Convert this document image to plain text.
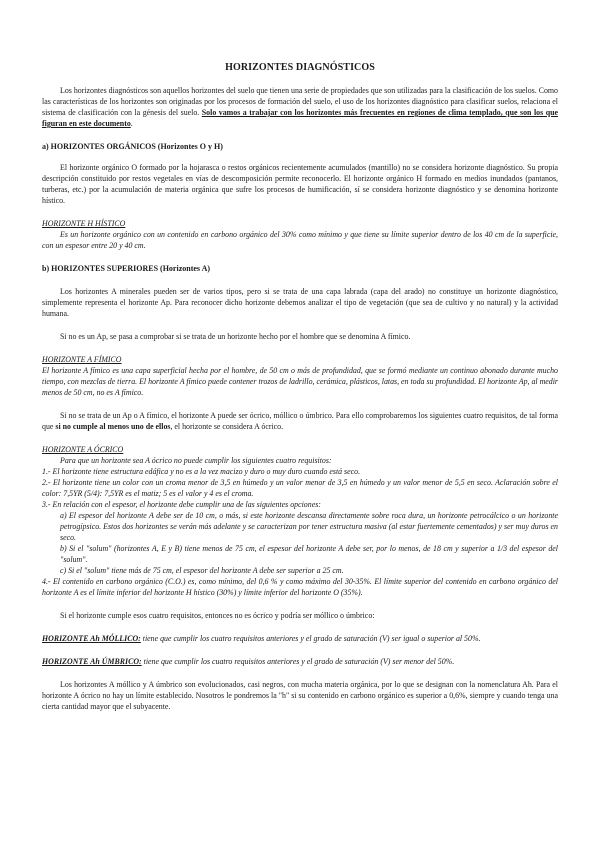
HORIZONTES DIAGNÓSTICOS

Los horizontes diagnósticos son aquellos horizontes del suelo que tienen una serie de propiedades que son utilizadas para la clasificación de los suelos. Como las características de los horizontes son originadas por los procesos de formación del suelo, el uso de los horizontes diagnóstico para clasificar suelos, relaciona el sistema de clasificación con la génesis del suelo. Solo vamos a trabajar con los horizontes más frecuentes en regiones de clima templado, que son los que figuran en este documento.

a) HORIZONTES ORGÁNICOS (Horizontes O y H)

El horizonte orgánico O formado por la hojarasca o restos orgánicos recientemente acumulados (mantillo) no se considera horizonte diagnóstico. Su propia descripción constituido por restos vegetales en vías de descomposición permite reconocerlo. El horizonte orgánico H formado en medios inundados (pantanos, turberas, etc.) por la acumulación de materia orgánica que sufre los procesos de humificación, sí se considera horizonte diagnóstico y se denomina horizonte hístico.

HORIZONTE H HÍSTICO

Es un horizonte orgánico con un contenido en carbono orgánico del 30% como mínimo y que tiene su límite superior dentro de los 40 cm de la superficie, con un espesor entre 20 y 40 cm.

b) HORIZONTES SUPERIORES (Horizontes A)

Los horizontes A minerales pueden ser de varios tipos, pero si se trata de una capa labrada (capa del arado) no constituye un horizonte diagnóstico, simplemente representa el horizonte Ap. Para reconocer dicho horizonte debemos analizar el tipo de vegetación (que sea de cultivo y no natural) y la actividad humana.

Si no es un Ap, se pasa a comprobar si se trata de un horizonte hecho por el hombre que se denomina A fímico.

HORIZONTE A FÍMICO

El horizonte A fímico es una capa superficial hecha por el hombre, de 50 cm o más de profundidad, que se formó mediante un continuo abonado durante mucho tiempo, con mezclas de tierra. El horizonte A fímico puede contener trozos de ladrillo, cerámica, plásticos, latas, en toda su profundidad. El horizonte Ap, al medir menos de 50 cm, no es A fímico.

Si no se trata de un Ap o A fímico, el horizonte A puede ser ócrico, móllico o úmbrico. Para ello comprobaremos los siguientes cuatro requisitos, de tal forma que si no cumple al menos uno de ellos, el horizonte se considera A ócrico.

HORIZONTE A ÓCRICO

Para que un horizonte sea A ócrico no puede cumplir los siguientes cuatro requisitos:

1.- El horizonte tiene estructura edáfica y no es a la vez macizo y duro o muy duro cuando está seco.

2.- El horizonte tiene un color con un croma menor de 3,5 en húmedo y un valor menor de 3,5 en húmedo y un valor menor de 5,5 en seco. Aclaración sobre el color: 7,5YR (5/4): 7,5YR es el matiz; 5 es el valor y 4 es el croma.

3.- En relación con el espesor, el horizonte debe cumplir una de las siguientes opciones:

a) El espesor del horizonte A debe ser de 10 cm, o más, si este horizonte descansa directamente sobre roca dura, un horizonte petrocálcico o un horizonte petrogípsico. Estos dos horizontes se verán más adelante y se caracterizan por tener estructura masiva (al estar fuertemente cementados) y ser muy duros en seco.

b) Si el "solum" (horizontes A, E y B) tiene menos de 75 cm, el espesor del horizonte A debe ser, por lo menos, de 18 cm y superior a 1/3 del espesor del "solum".

c) Si el "solum" tiene más de 75 cm, el espesor del horizonte A debe ser superior a 25 cm.

4.- El contenido en carbono orgánico (C.O.) es, como mínimo, del 0,6 % y como máximo del 30-35%. El límite superior del contenido en carbono orgánico del horizonte A es el límite inferior del horizonte H hístico (30%) y límite inferior del horizonte O (35%).

Si el horizonte cumple esos cuatro requisitos, entonces no es ócrico y podría ser móllico o úmbrico:

HORIZONTE Ah MÓLLICO: tiene que cumplir los cuatro requisitos anteriores y el grado de saturación (V) ser igual o superior al 50%.

HORIZONTE Ah ÚMBRICO: tiene que cumplir los cuatro requisitos anteriores y el grado de saturación (V) ser menor del 50%.

Los horizontes A móllico y A úmbrico son evolucionados, casi negros, con mucha materia orgánica, por lo que se designan con la nomenclatura Ah. Para el horizonte A ócrico no hay un límite establecido. Nosotros le pondremos la "h" si su contenido en carbono orgánico es superior a 0,6%, siempre y cuando tenga una cierta cantidad mayor que el subyacente.
